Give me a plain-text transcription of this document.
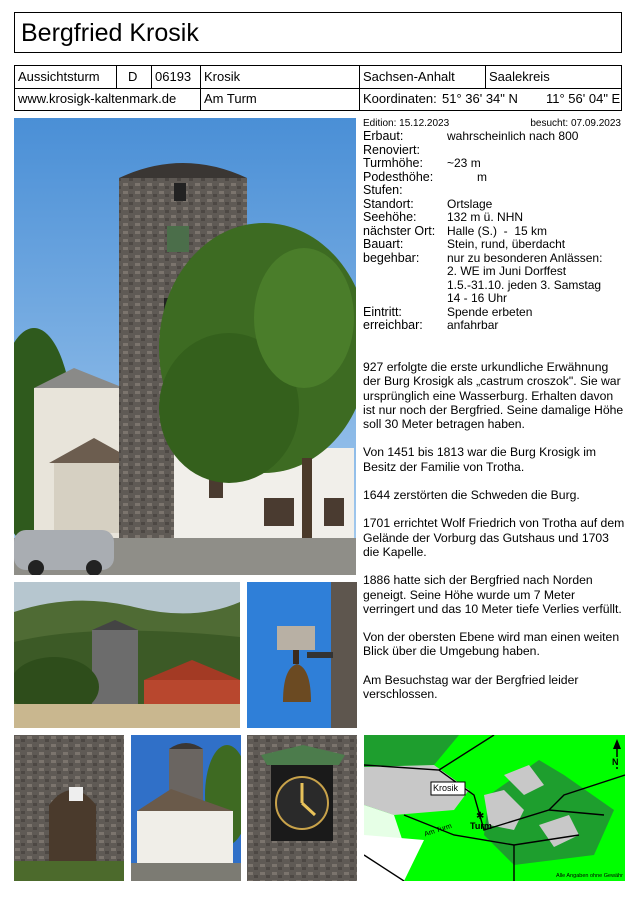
Bergfried Krosik
Aussichtsturm D 06193 Krosik	Sachsen-Anhalt	Saalekreis
www.krosigk-kaltenmark.de Am Turm	Koordinaten: 51° 36' 34" N 11° 56' 04" E
Edition: 15.12.2023	besucht: 07.09.2023
Erbaut:	wahrscheinlich nach 800
Renoviert:
Turmhöhe: ~23 m
Podesthöhe:         m
Stufen:
Standort:	Ortslage
Seehöhe:	132 m ü. NHN
nächster Ort: Halle (S.)  -  15 km
Bauart:	Stein, rund, überdacht
begehbar: nur zu besonderen Anlässen:
2. WE im Juni Dorffest
1.5.-31.10. jeden 3. Samstag
14 - 16 Uhr
Eintritt:	Spende erbeten
erreichbar: anfahrbar

927 erfolgte die erste urkundliche Erwähnung der Burg Krosigk als „castrum croszok". Sie war ursprünglich eine Wasserburg. Erhalten davon ist nur noch der Bergfried. Seine damalige Höhe soll 30 Meter betragen haben.

Von 1451 bis 1813 war die Burg Krosigk im Besitz der Familie von Trotha.

1644 zerstörten die Schweden die Burg.

1701 errichtet Wolf Friedrich von Trotha auf dem Gelände der Vorburg das Gutshaus und 1703 die Kapelle.

1886 hatte sich der Bergfried nach Norden geneigt. Seine Höhe wurde um 7 Meter verringert und das 10 Meter tiefe Verlies verfüllt.

Von der obersten Ebene wird man einen weiten Blick über die Umgebung haben.

Am Besuchstag war der Bergfried leider verschlossen.

✱
Krosik
Am Turm Turm
N
Alle Angaben ohne Gewähr
